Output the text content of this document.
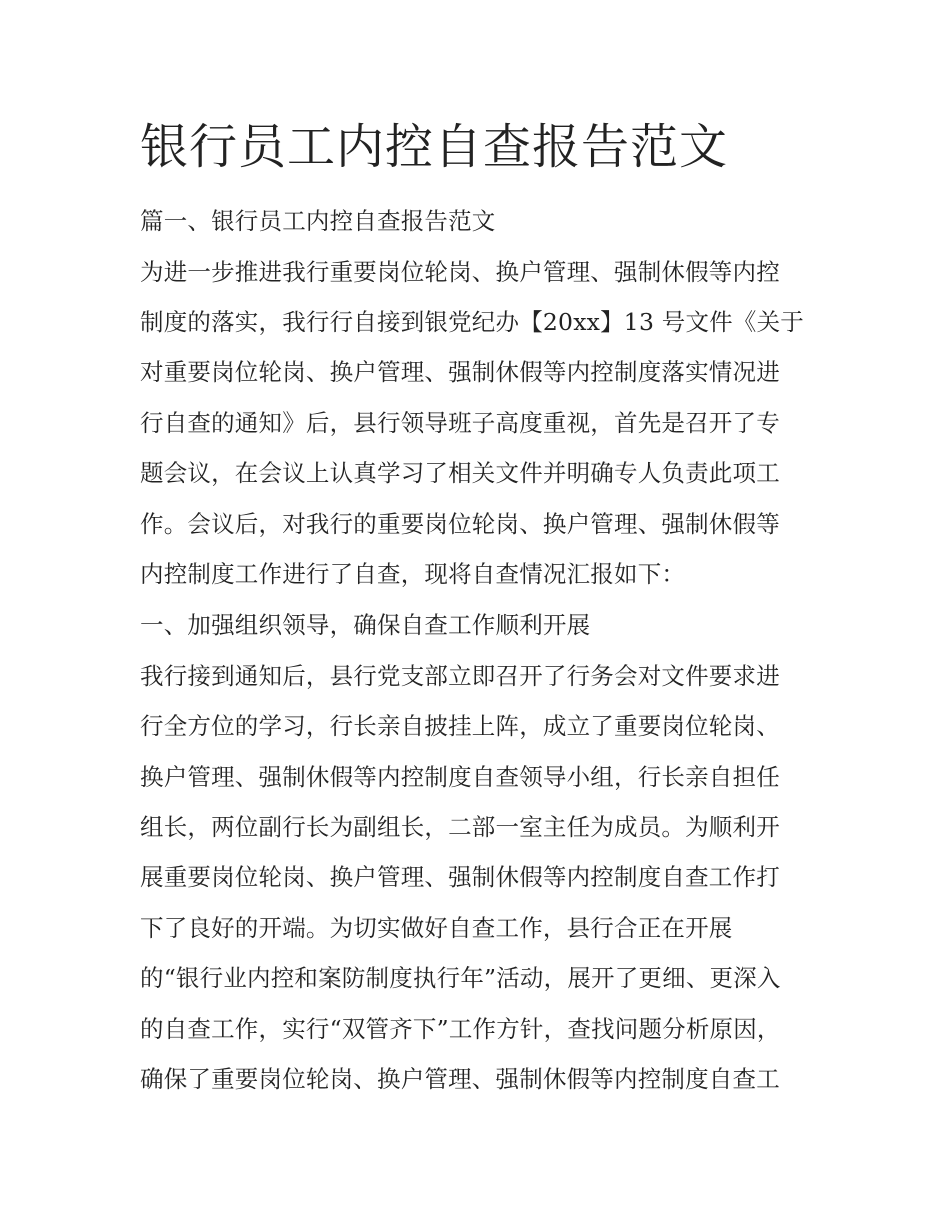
银行员工内控自查报告范文

篇一、银行员工内控自查报告范文

为进一步推进我行重要岗位轮岗、换户管理、强制休假等内控

制度的落实，我行行自接到银党纪办【20xx】13 号文件《关于

对重要岗位轮岗、换户管理、强制休假等内控制度落实情况进

行自查的通知》后，县行领导班子高度重视，首先是召开了专

题会议，在会议上认真学习了相关文件并明确专人负责此项工

作。会议后，对我行的重要岗位轮岗、换户管理、强制休假等

内控制度工作进行了自查，现将自查情况汇报如下：

一、加强组织领导，确保自查工作顺利开展

我行接到通知后，县行党支部立即召开了行务会对文件要求进

行全方位的学习，行长亲自披挂上阵，成立了重要岗位轮岗、

换户管理、强制休假等内控制度自查领导小组，行长亲自担任

组长，两位副行长为副组长，二部一室主任为成员。为顺利开

展重要岗位轮岗、换户管理、强制休假等内控制度自查工作打

下了良好的开端。为切实做好自查工作，县行合正在开展

的“银行业内控和案防制度执行年”活动，展开了更细、更深入

的自查工作，实行“双管齐下”工作方针，查找问题分析原因，

确保了重要岗位轮岗、换户管理、强制休假等内控制度自查工
